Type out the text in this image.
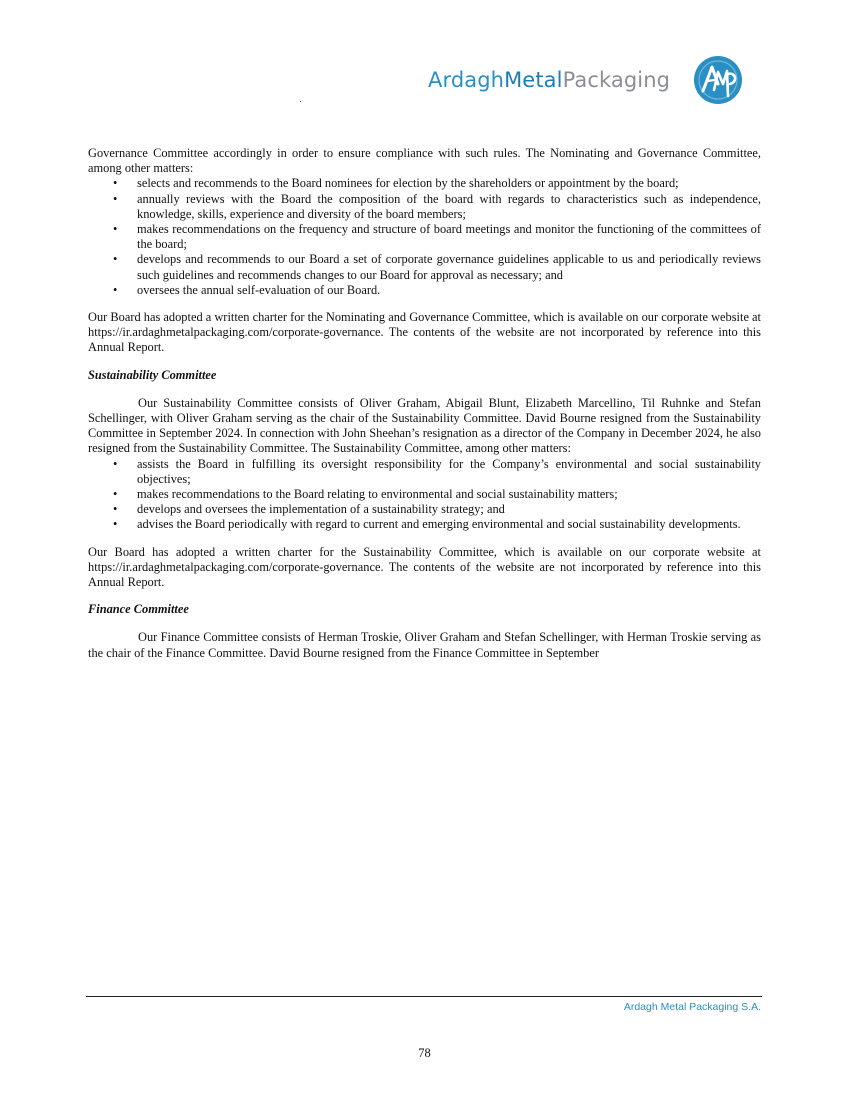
ArdaghMetalPackaging

Governance Committee accordingly in order to ensure compliance with such rules. The Nominating and Governance Committee, among other matters:

• selects and recommends to the Board nominees for election by the shareholders or appointment by the board;
• annually reviews with the Board the composition of the board with regards to characteristics such as independence, knowledge, skills, experience and diversity of the board members;
• makes recommendations on the frequency and structure of board meetings and monitor the functioning of the committees of the board;
• develops and recommends to our Board a set of corporate governance guidelines applicable to us and periodically reviews such guidelines and recommends changes to our Board for approval as necessary; and
• oversees the annual self-evaluation of our Board.

Our Board has adopted a written charter for the Nominating and Governance Committee, which is available on our corporate website at https://ir.ardaghmetalpackaging.com/corporate-governance. The contents of the website are not incorporated by reference into this Annual Report.

Sustainability Committee

Our Sustainability Committee consists of Oliver Graham, Abigail Blunt, Elizabeth Marcellino, Til Ruhnke and Stefan Schellinger, with Oliver Graham serving as the chair of the Sustainability Committee. David Bourne resigned from the Sustainability Committee in September 2024. In connection with John Sheehan’s resignation as a director of the Company in December 2024, he also resigned from the Sustainability Committee. The Sustainability Committee, among other matters:

• assists the Board in fulfilling its oversight responsibility for the Company’s environmental and social sustainability objectives;
• makes recommendations to the Board relating to environmental and social sustainability matters;
• develops and oversees the implementation of a sustainability strategy; and
• advises the Board periodically with regard to current and emerging environmental and social sustainability developments.

Our Board has adopted a written charter for the Sustainability Committee, which is available on our corporate website at https://ir.ardaghmetalpackaging.com/corporate-governance. The contents of the website are not incorporated by reference into this Annual Report.

Finance Committee

Our Finance Committee consists of Herman Troskie, Oliver Graham and Stefan Schellinger, with Herman Troskie serving as the chair of the Finance Committee. David Bourne resigned from the Finance Committee in September

Ardagh Metal Packaging S.A.
78
